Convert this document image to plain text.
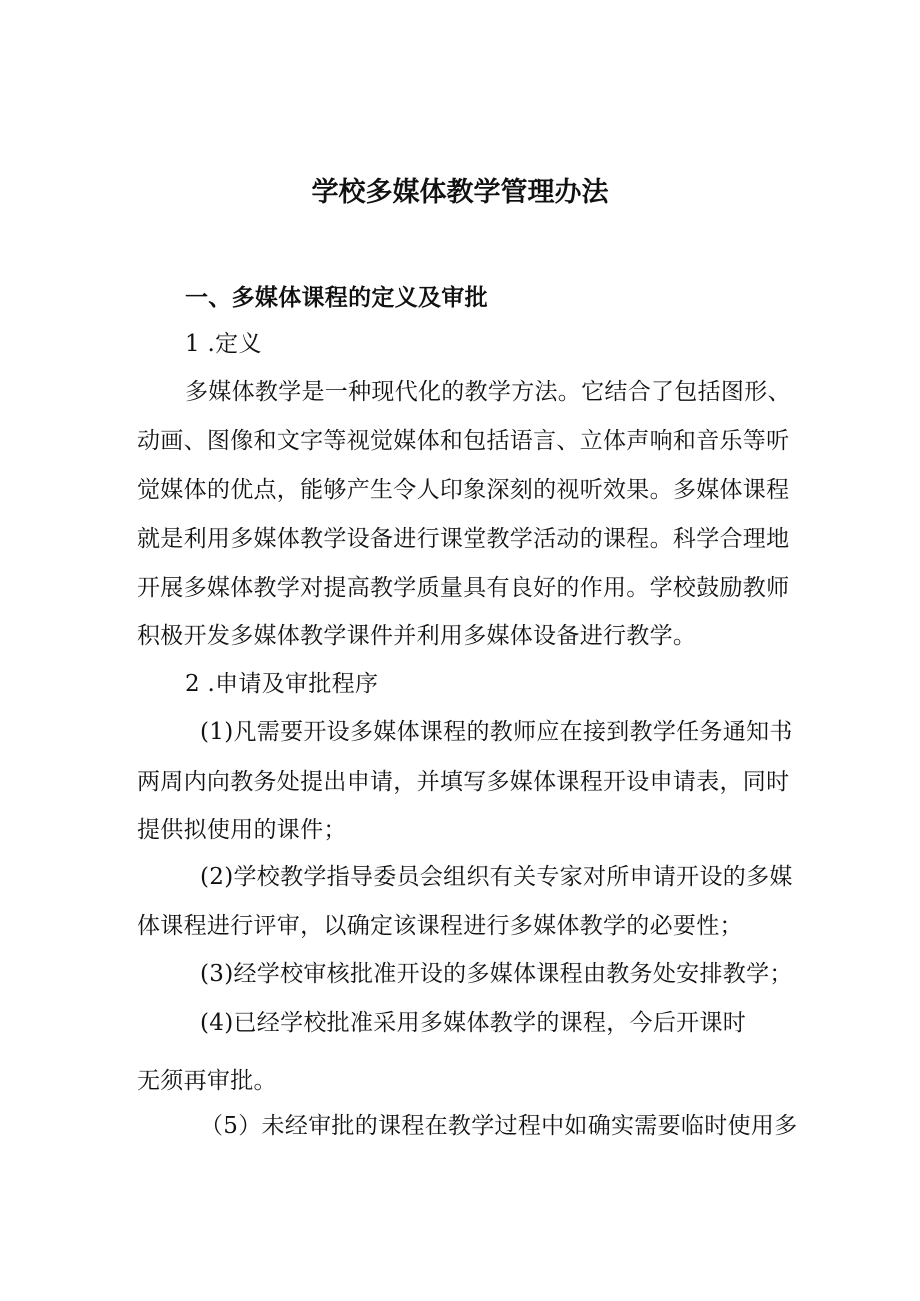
学校多媒体教学管理办法
一、多媒体课程的定义及审批
1 .定义
多媒体教学是一种现代化的教学方法。它结合了包括图形、
动画、图像和文字等视觉媒体和包括语言、立体声响和音乐等听
觉媒体的优点，能够产生令人印象深刻的视听效果。多媒体课程
就是利用多媒体教学设备进行课堂教学活动的课程。科学合理地
开展多媒体教学对提高教学质量具有良好的作用。学校鼓励教师
积极开发多媒体教学课件并利用多媒体设备进行教学。
2 .申请及审批程序
(1)凡需要开设多媒体课程的教师应在接到教学任务通知书
两周内向教务处提出申请，并填写多媒体课程开设申请表，同时
提供拟使用的课件；
(2)学校教学指导委员会组织有关专家对所申请开设的多媒
体课程进行评审，以确定该课程进行多媒体教学的必要性；
(3)经学校审核批准开设的多媒体课程由教务处安排教学；
(4)已经学校批准采用多媒体教学的课程，今后开课时
无须再审批。
（5）未经审批的课程在教学过程中如确实需要临时使用多
